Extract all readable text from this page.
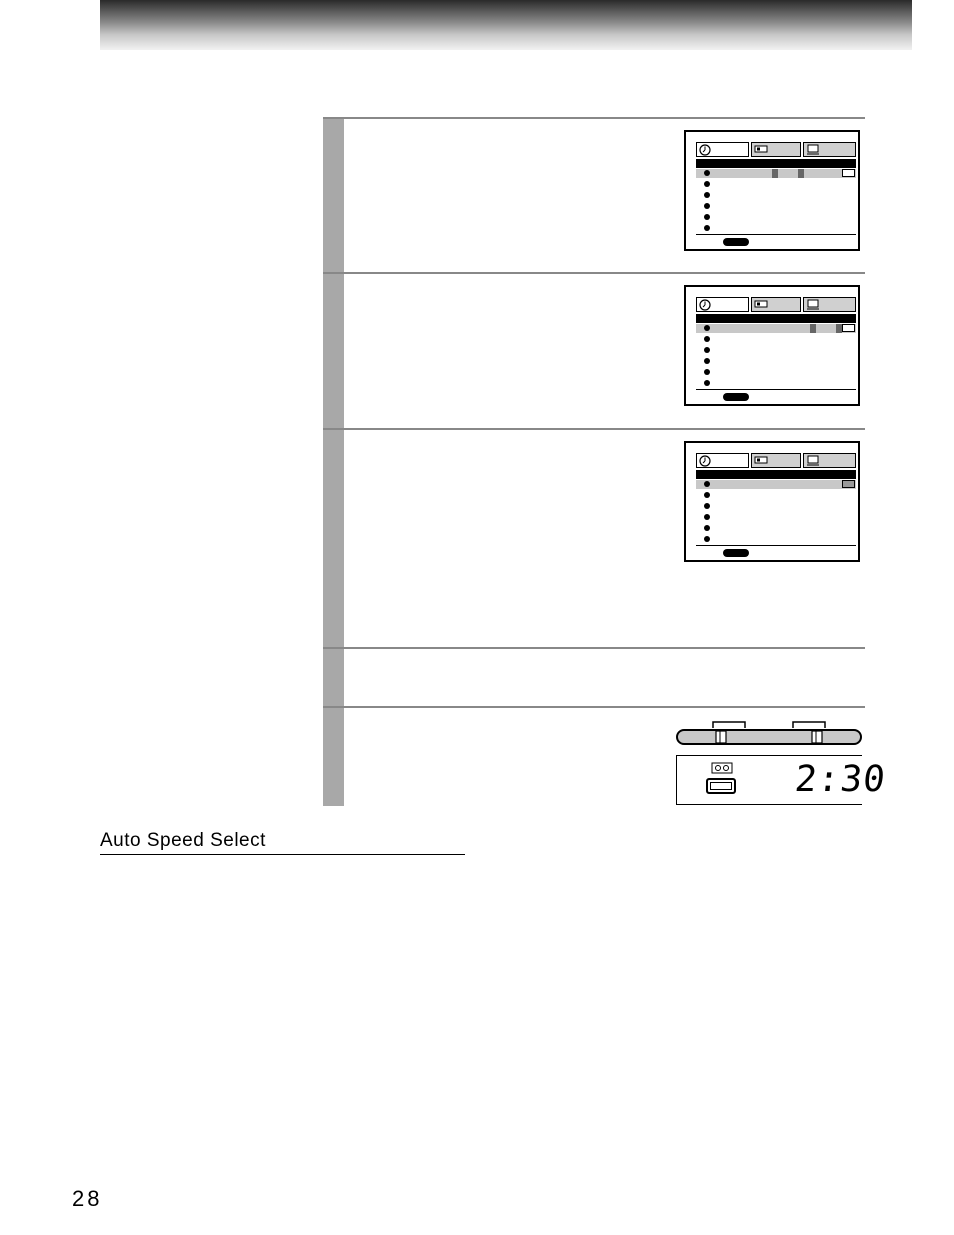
2:30
Auto Speed Select
28
